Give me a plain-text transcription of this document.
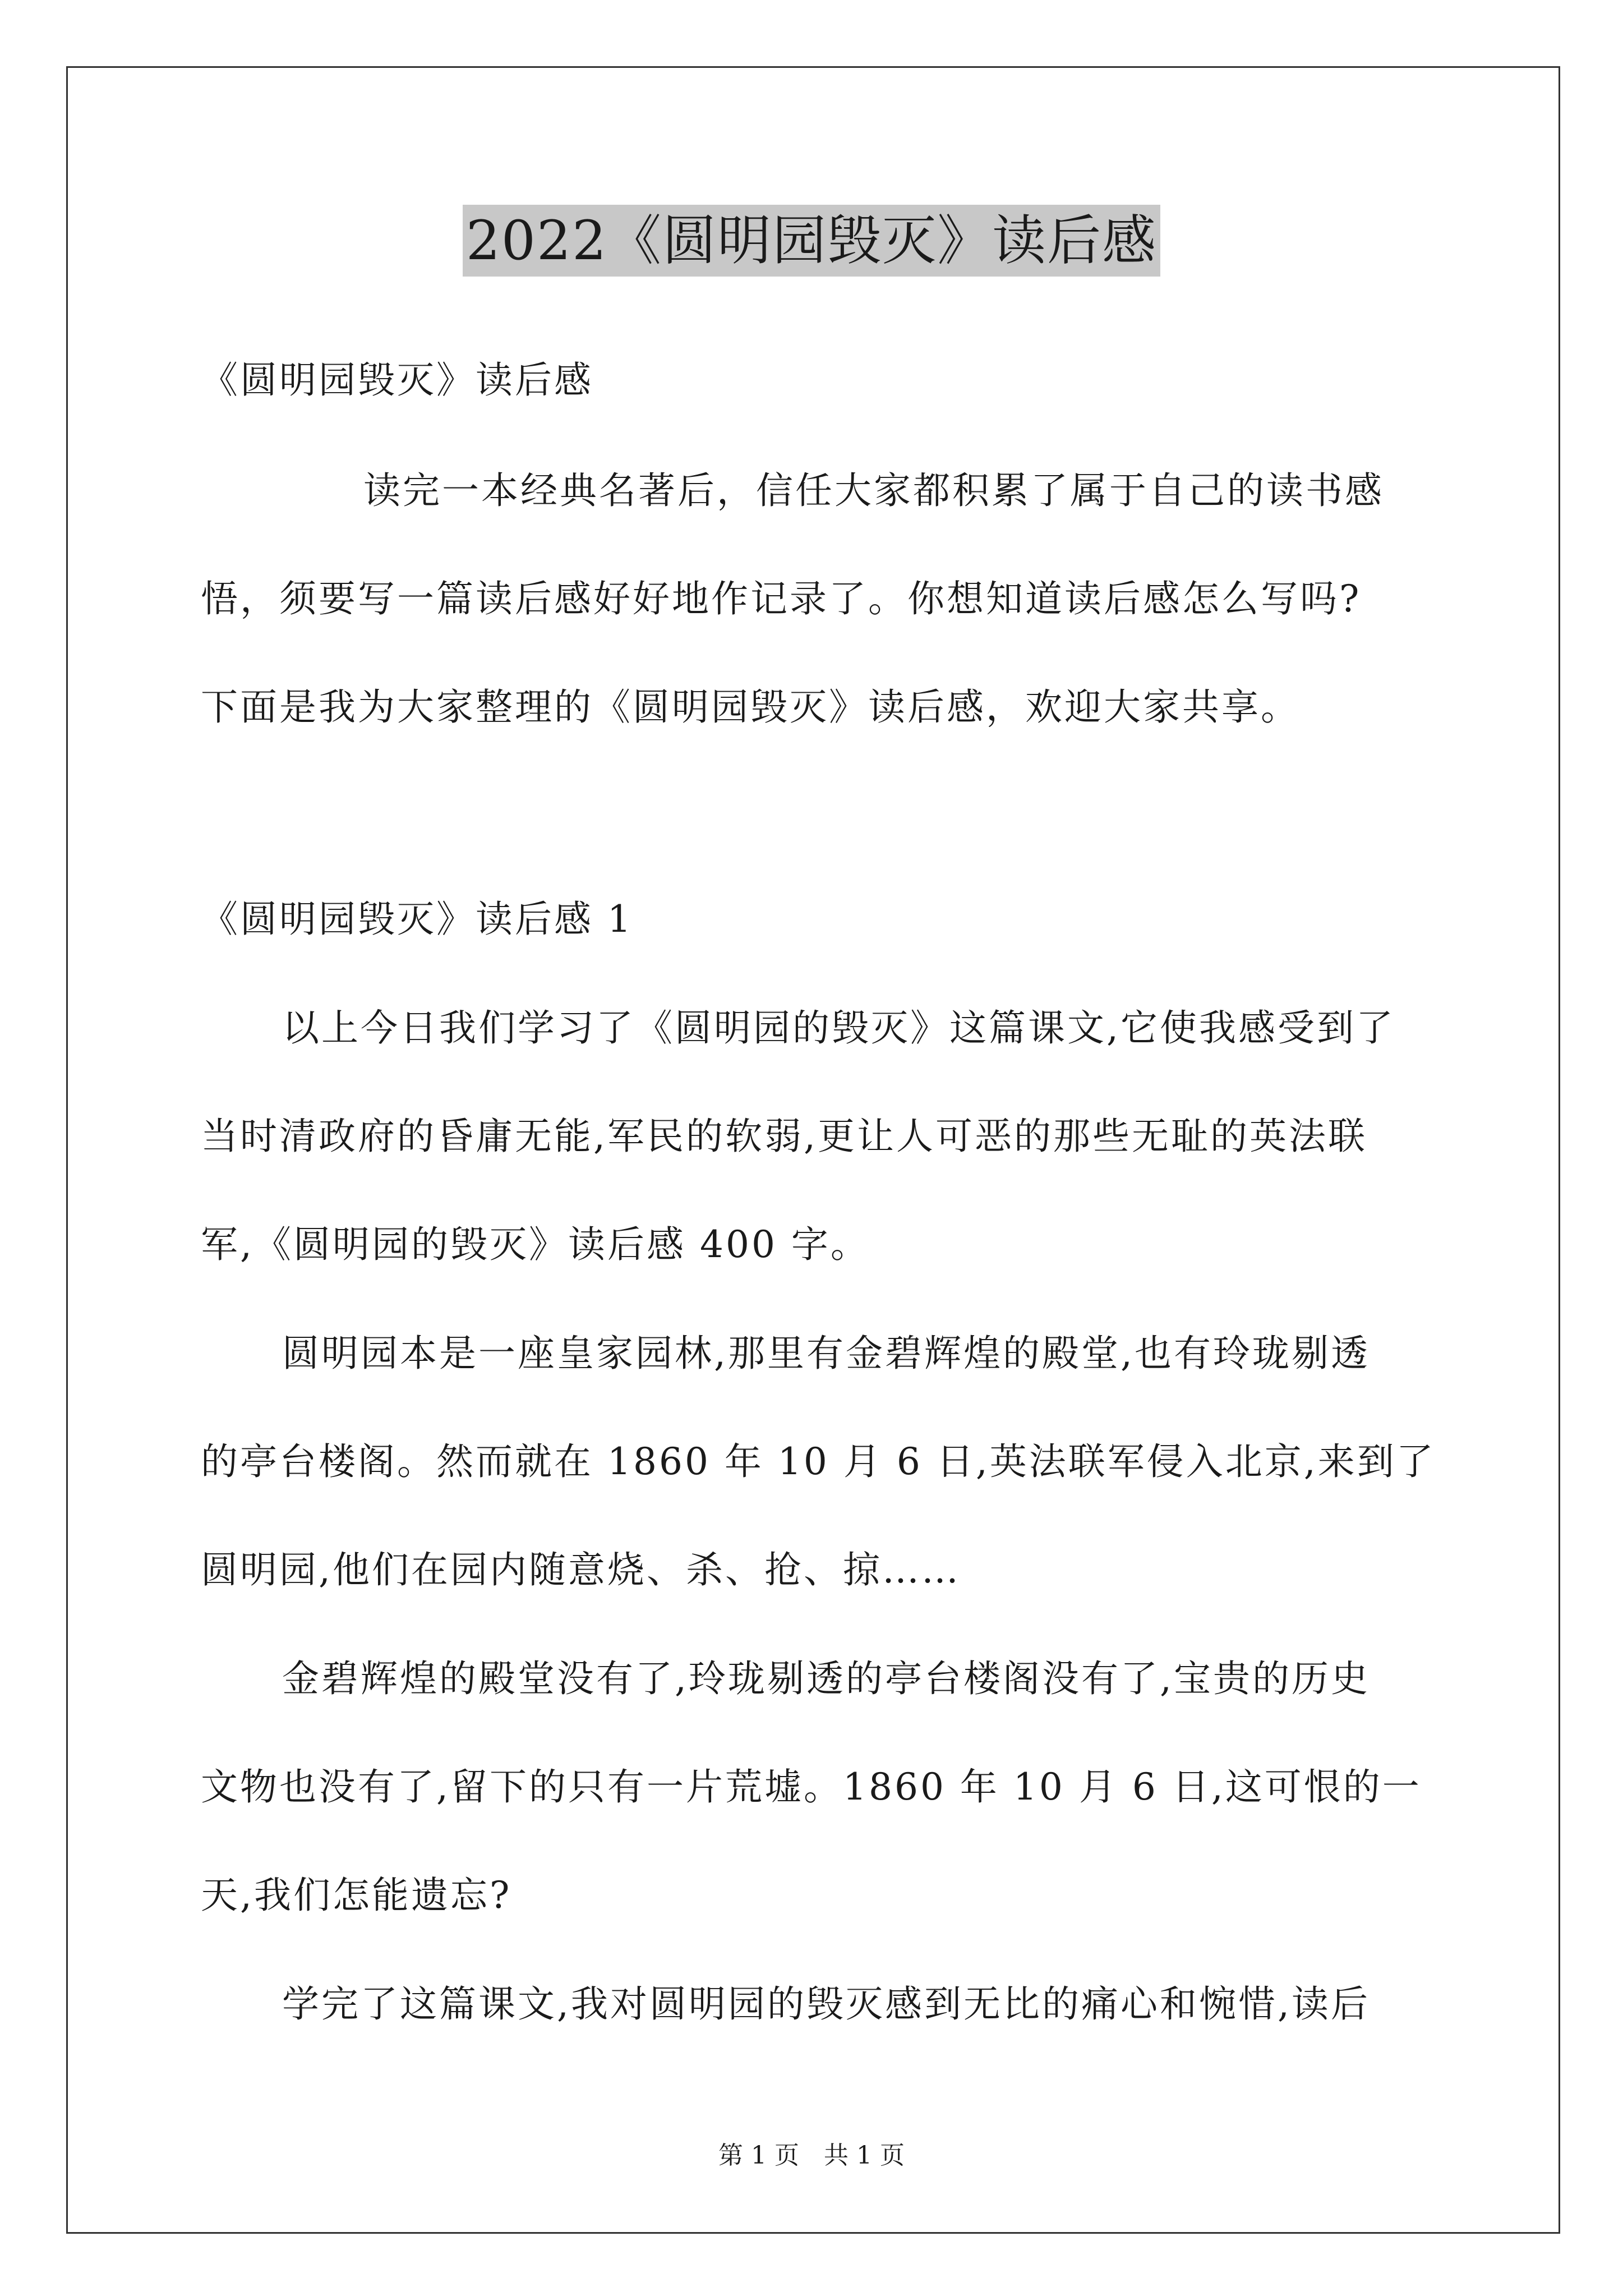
2022《圆明园毁灭》读后感
《圆明园毁灭》读后感
读完一本经典名著后，信任大家都积累了属于自己的读书感
悟，须要写一篇读后感好好地作记录了。你想知道读后感怎么写吗?
下面是我为大家整理的《圆明园毁灭》读后感，欢迎大家共享。
《圆明园毁灭》读后感 1
以上今日我们学习了《圆明园的毁灭》这篇课文,它使我感受到了
当时清政府的昏庸无能,军民的软弱,更让人可恶的那些无耻的英法联
军,《圆明园的毁灭》读后感 400 字。
圆明园本是一座皇家园林,那里有金碧辉煌的殿堂,也有玲珑剔透
的亭台楼阁。然而就在 1860 年 10 月 6 日,英法联军侵入北京,来到了
圆明园,他们在园内随意烧、杀、抢、掠……
金碧辉煌的殿堂没有了,玲珑剔透的亭台楼阁没有了,宝贵的历史
文物也没有了,留下的只有一片荒墟。1860 年 10 月 6 日,这可恨的一
天,我们怎能遗忘?
学完了这篇课文,我对圆明园的毁灭感到无比的痛心和惋惜,读后
第 1 页　共 1 页
